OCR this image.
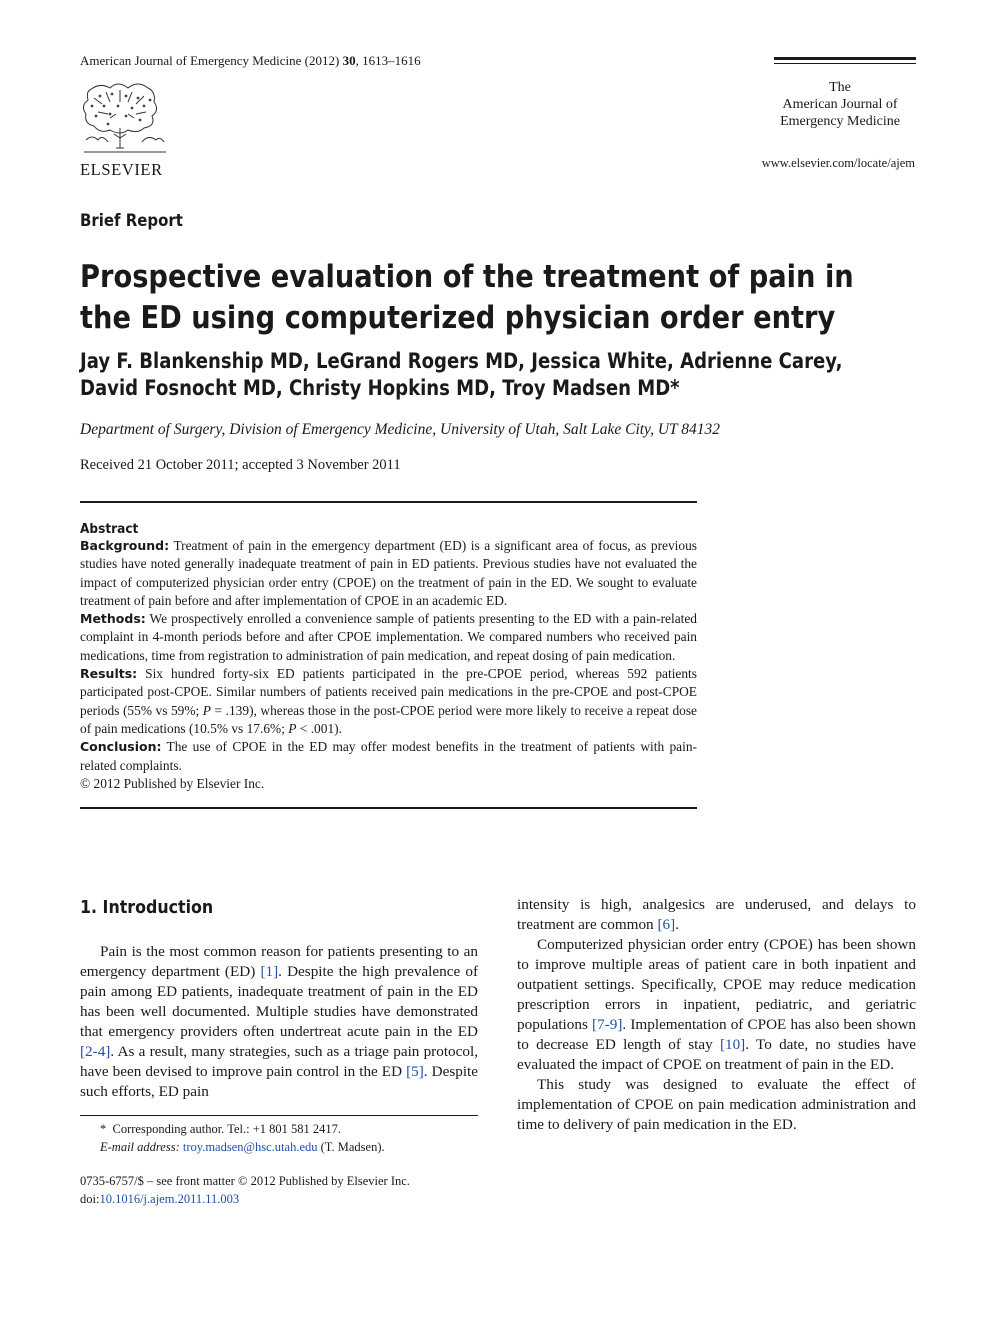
American Journal of Emergency Medicine (2012) 30, 1613–1616
ELSEVIER
The
American Journal of
Emergency Medicine
www.elsevier.com/locate/ajem
Brief Report
Prospective evaluation of the treatment of pain in the ED using computerized physician order entry
Jay F. Blankenship MD, LeGrand Rogers MD, Jessica White, Adrienne Carey, David Fosnocht MD, Christy Hopkins MD, Troy Madsen MD*
Department of Surgery, Division of Emergency Medicine, University of Utah, Salt Lake City, UT 84132
Received 21 October 2011; accepted 3 November 2011
Abstract
Background: Treatment of pain in the emergency department (ED) is a significant area of focus, as previous studies have noted generally inadequate treatment of pain in ED patients. Previous studies have not evaluated the impact of computerized physician order entry (CPOE) on the treatment of pain in the ED. We sought to evaluate treatment of pain before and after implementation of CPOE in an academic ED.
Methods: We prospectively enrolled a convenience sample of patients presenting to the ED with a pain-related complaint in 4-month periods before and after CPOE implementation. We compared numbers who received pain medications, time from registration to administration of pain medication, and repeat dosing of pain medication.
Results: Six hundred forty-six ED patients participated in the pre-CPOE period, whereas 592 patients participated post-CPOE. Similar numbers of patients received pain medications in the pre-CPOE and post-CPOE periods (55% vs 59%; P = .139), whereas those in the post-CPOE period were more likely to receive a repeat dose of pain medications (10.5% vs 17.6%; P < .001).
Conclusion: The use of CPOE in the ED may offer modest benefits in the treatment of patients with pain-related complaints.
© 2012 Published by Elsevier Inc.
1. Introduction

Pain is the most common reason for patients presenting to an emergency department (ED) [1]. Despite the high prevalence of pain among ED patients, inadequate treatment of pain in the ED has been well documented. Multiple studies have demonstrated that emergency providers often undertreat acute pain in the ED [2-4]. As a result, many strategies, such as a triage pain protocol, have been devised to improve pain control in the ED [5]. Despite such efforts, ED pain

intensity is high, analgesics are underused, and delays to treatment are common [6].

Computerized physician order entry (CPOE) has been shown to improve multiple areas of patient care in both inpatient and outpatient settings. Specifically, CPOE may reduce medication prescription errors in inpatient, pediatric, and geriatric populations [7-9]. Implementation of CPOE has also been shown to decrease ED length of stay [10]. To date, no studies have evaluated the impact of CPOE on treatment of pain in the ED.

This study was designed to evaluate the effect of implementation of CPOE on pain medication administration and time to delivery of pain medication in the ED.

* Corresponding author. Tel.: +1 801 581 2417.
E-mail address: troy.madsen@hsc.utah.edu (T. Madsen).
0735-6757/$ – see front matter © 2012 Published by Elsevier Inc.
doi:10.1016/j.ajem.2011.11.003
